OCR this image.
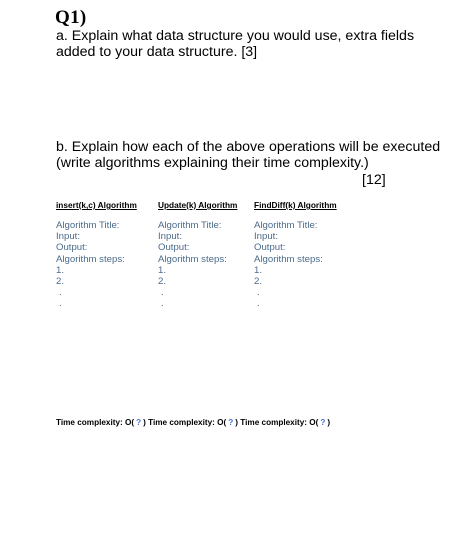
Q1)
a. Explain what data structure you would use, extra fields
added to your data structure. [3]
b. Explain how each of the above operations will be executed
(write algorithms explaining their time complexity.)
[12]
insert(k,c) Algorithm	Update(k) Algorithm FindDiff(k) Algorithm
Algorithm Title:
Input:
Output:
Algorithm steps:
1.
2.
.
.
Algorithm Title:
Input:
Output:
Algorithm steps:
1.
2.
.
.
Algorithm Title:
Input:
Output:
Algorithm steps:
1.
2.
.
.
Time complexity: O( ? ) Time complexity: O( ? ) Time complexity: O( ? )
